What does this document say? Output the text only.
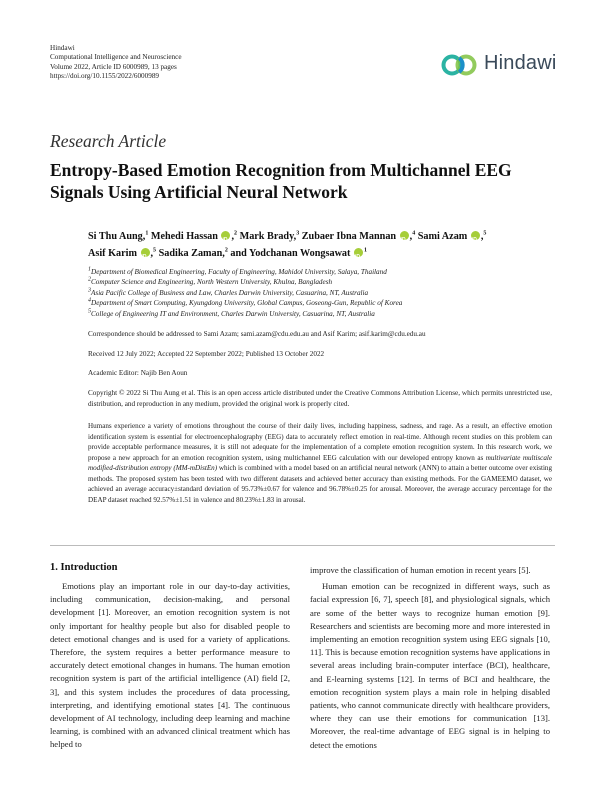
Hindawi
Computational Intelligence and Neuroscience
Volume 2022, Article ID 6000989, 13 pages
https://doi.org/10.1155/2022/6000989
Hindawi
Research Article
Entropy-Based Emotion Recognition from Multichannel EEG Signals Using Artificial Neural Network
Si Thu Aung,$^1$ Mehedi Hassan iD ,$^2$ Mark Brady,$^3$ Zubaer Ibna Mannan iD ,$^4$ Sami Azam iD ,$^5$
Asif Karim iD ,$^5$ Sadika Zaman,$^2$ and Yodchanan Wongsawat iD $^1$
$^1$Department of Biomedical Engineering, Faculty of Engineering, Mahidol University, Salaya, Thailand
$^2$Computer Science and Engineering, North Western University, Khulna, Bangladesh
$^3$Asia Pacific College of Business and Law, Charles Darwin University, Casuarina, NT, Australia
$^4$Department of Smart Computing, Kyungdong University, Global Campus, Goseong-Gun, Republic of Korea
$^5$College of Engineering IT and Environment, Charles Darwin University, Casuarina, NT, Australia
Correspondence should be addressed to Sami Azam; sami.azam@cdu.edu.au and Asif Karim; asif.karim@cdu.edu.au
Received 12 July 2022; Accepted 22 September 2022; Published 13 October 2022
Academic Editor: Najib Ben Aoun
Copyright © 2022 Si Thu Aung et al. This is an open access article distributed under the Creative Commons Attribution License, which permits unrestricted use, distribution, and reproduction in any medium, provided the original work is properly cited.
Humans experience a variety of emotions throughout the course of their daily lives, including happiness, sadness, and rage. As a result, an effective emotion identification system is essential for electroencephalography (EEG) data to accurately reflect emotion in real-time. Although recent studies on this problem can provide acceptable performance measures, it is still not adequate for the implementation of a complete emotion recognition system. In this research work, we propose a new approach for an emotion recognition system, using multichannel EEG calculation with our developed entropy known as multivariate multiscale modified-distribution entropy (MM-mDistEn) which is combined with a model based on an artificial neural network (ANN) to attain a better outcome over existing methods. The proposed system has been tested with two different datasets and achieved better accuracy than existing methods. For the GAMEEMO dataset, we achieved an average accuracy±standard deviation of 95.73%±0.67 for valence and 96.78%±0.25 for arousal. Moreover, the average accuracy percentage for the DEAP dataset reached 92.57%±1.51 in valence and 80.23%±1.83 in arousal.
1. Introduction
Emotions play an important role in our day-to-day activities, including communication, decision-making, and personal development [1]. Moreover, an emotion recognition system is not only important for healthy people but also for disabled people to detect emotional changes and is used for a variety of applications. Therefore, the system requires a better performance measure to accurately detect emotional changes in humans. The human emotion recognition system is part of the artificial intelligence (AI) field [2, 3], and this system includes the procedures of data processing, interpreting, and identifying emotional states [4]. The continuous development of AI technology, including deep learning and machine learning, is combined with an advanced clinical treatment which has helped to
improve the classification of human emotion in recent years [5].
Human emotion can be recognized in different ways, such as facial expression [6, 7], speech [8], and physiological signals, which are some of the better ways to recognize human emotion [9]. Researchers and scientists are becoming more and more interested in implementing an emotion recognition system using EEG signals [10, 11]. This is because emotion recognition systems have applications in several areas including brain-computer interface (BCI), healthcare, and E-learning systems [12]. In terms of BCI and healthcare, the emotion recognition system plays a main role in helping disabled patients, who cannot communicate directly with healthcare providers, where they can use their emotions for communication [13]. Moreover, the real-time advantage of EEG signal is in helping to detect the emotions
